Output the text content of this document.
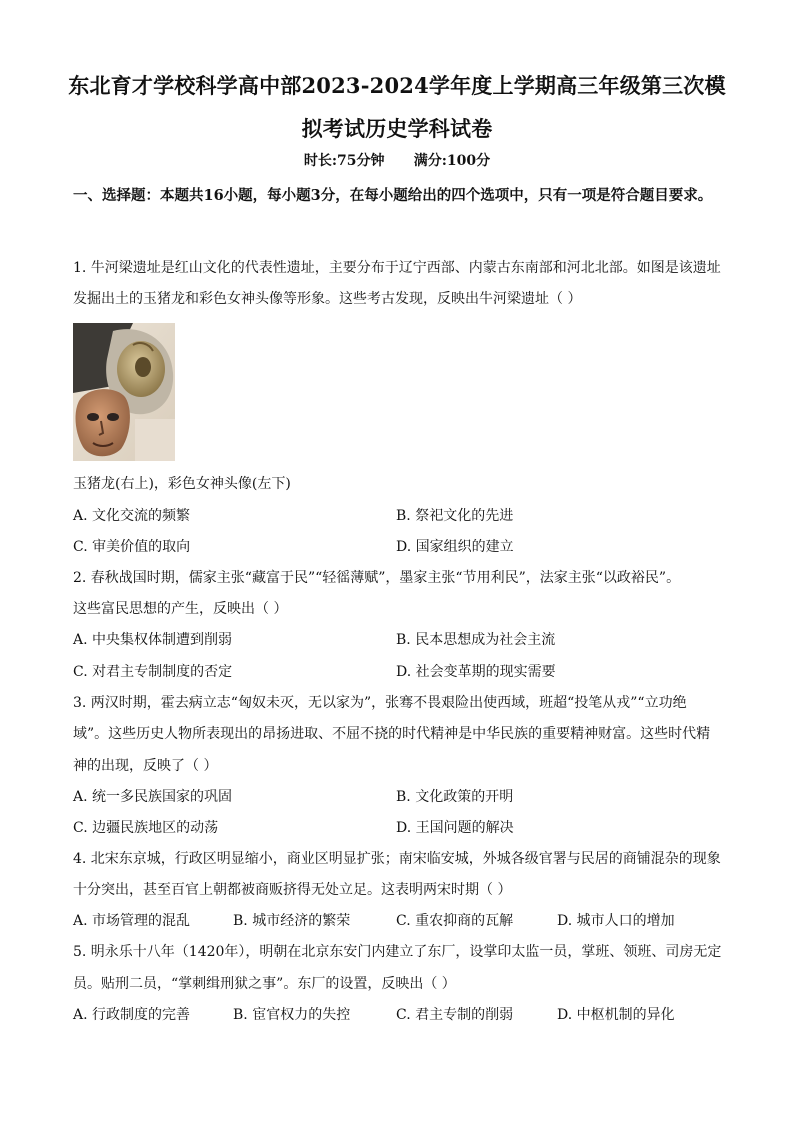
东北育才学校科学高中部2023-2024学年度上学期高三年级第三次模
拟考试历史学科试卷
时长:75分钟      满分:100分
一、选择题：本题共16小题，每小题3分，在每小题给出的四个选项中，只有一项是符合题目要求。
1. 牛河梁遗址是红山文化的代表性遗址，主要分布于辽宁西部、内蒙古东南部和河北北部。如图是该遗址
发掘出土的玉猪龙和彩色女神头像等形象。这些考古发现，反映出牛河梁遗址（ ）
玉猪龙(右上)，彩色女神头像(左下)
A. 文化交流的频繁	B. 祭祀文化的先进
C. 审美价值的取向	D. 国家组织的建立
2. 春秋战国时期，儒家主张“藏富于民”“轻徭薄赋”，墨家主张“节用利民”，法家主张“以政裕民”。
这些富民思想的产生，反映出（ ）
A. 中央集权体制遭到削弱	B. 民本思想成为社会主流
C. 对君主专制制度的否定	D. 社会变革期的现实需要
3. 两汉时期，霍去病立志“匈奴未灭，无以家为”，张骞不畏艰险出使西域，班超“投笔从戎”“立功绝
域”。这些历史人物所表现出的昂扬进取、不屈不挠的时代精神是中华民族的重要精神财富。这些时代精
神的出现，反映了（ ）
A. 统一多民族国家的巩固	B. 文化政策的开明
C. 边疆民族地区的动荡	D. 王国问题的解决
4. 北宋东京城，行政区明显缩小，商业区明显扩张；南宋临安城，外城各级官署与民居的商铺混杂的现象
十分突出，甚至百官上朝都被商贩挤得无处立足。这表明两宋时期（ ）
A. 市场管理的混乱	B. 城市经济的繁荣	C. 重农抑商的瓦解	D. 城市人口的增加
5. 明永乐十八年（1420年），明朝在北京东安门内建立了东厂，设掌印太监一员，掌班、领班、司房无定
员。贴刑二员，“掌刺缉刑狱之事”。东厂的设置，反映出（ ）
A. 行政制度的完善	B. 宦官权力的失控	C. 君主专制的削弱	D. 中枢机制的异化
